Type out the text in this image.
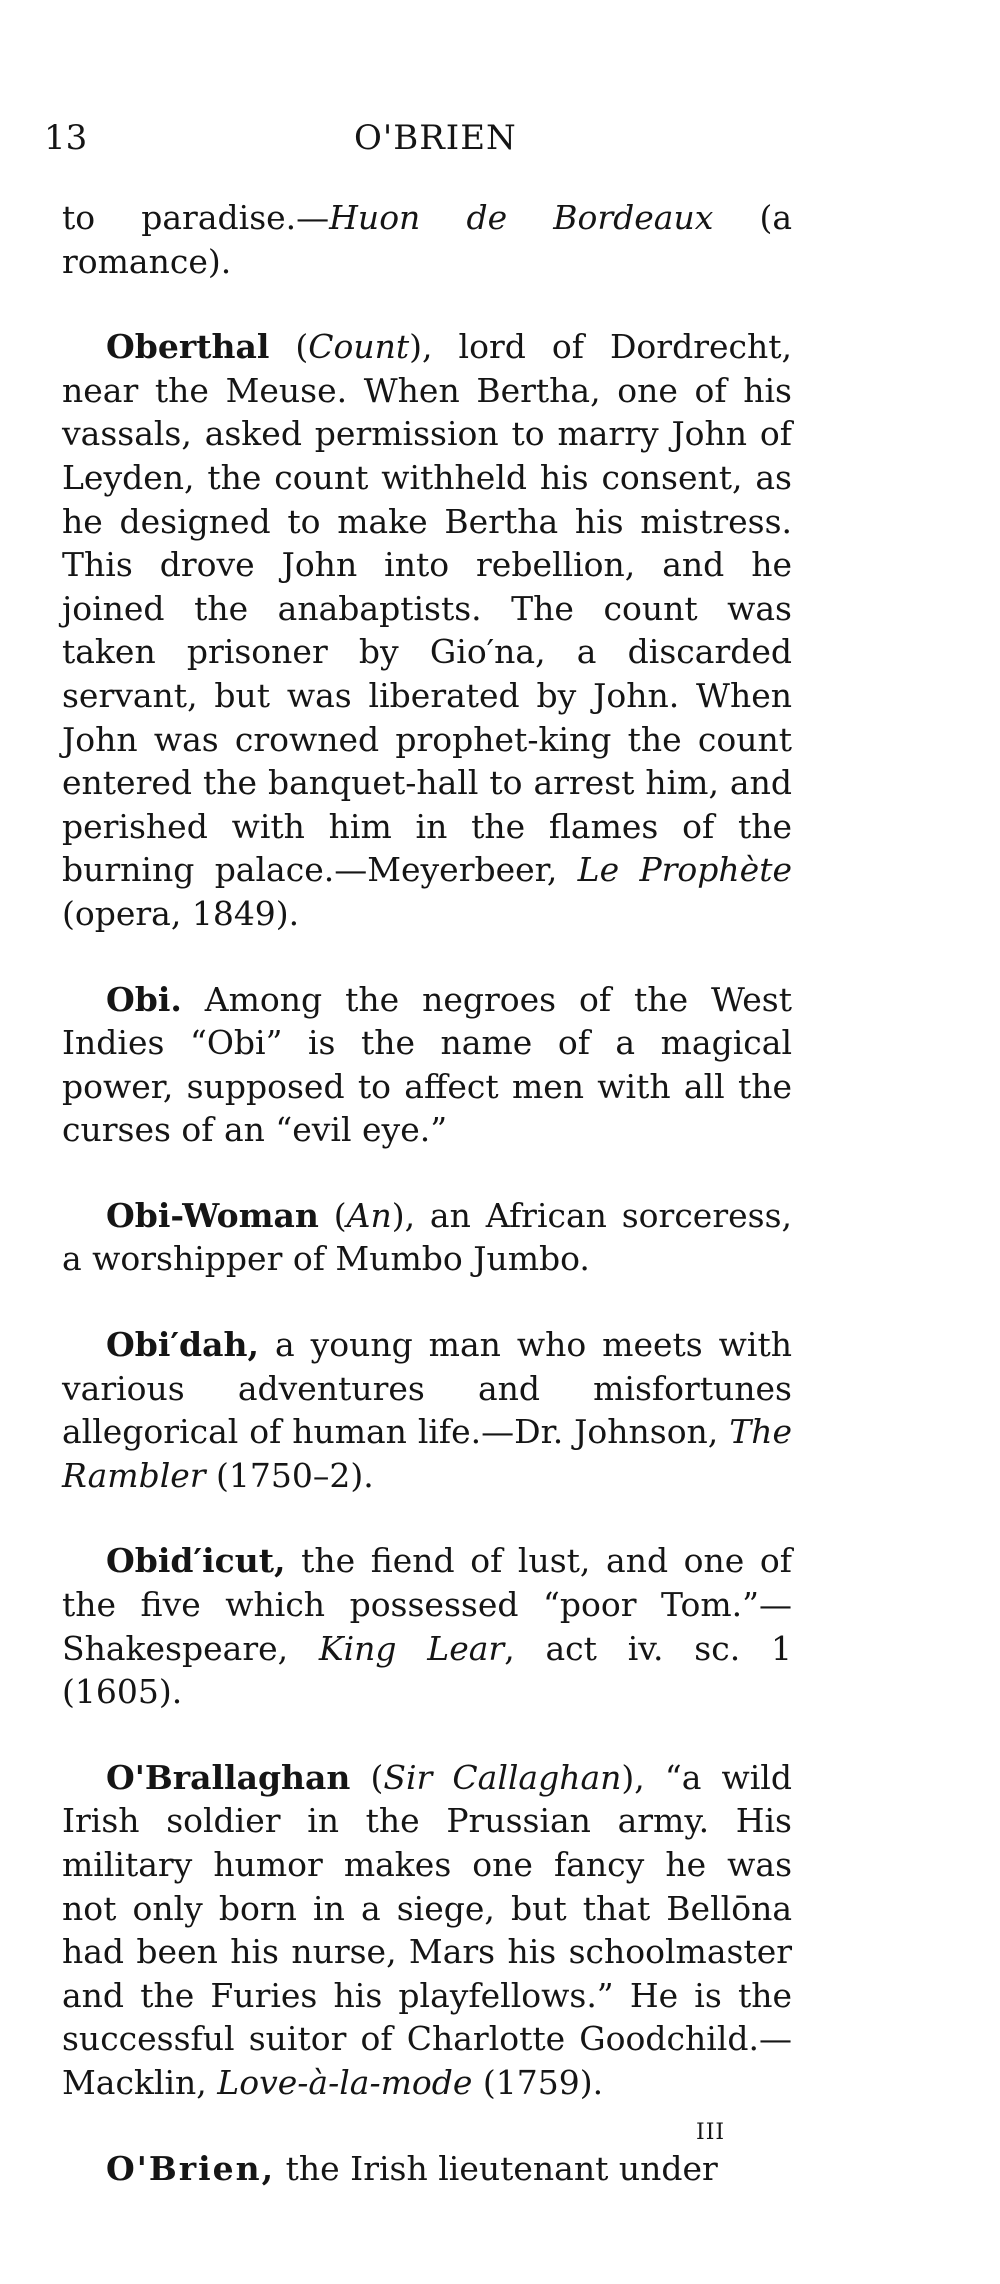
13	O'BRIEN

to paradise.—Huon de Bordeaux (a romance).

Oberthal (Count), lord of Dordrecht, near the Meuse. When Bertha, one of his vassals, asked permission to marry John of Leyden, the count withheld his consent, as he designed to make Bertha his mistress. This drove John into rebellion, and he joined the anabaptists. The count was taken prisoner by Gio′na, a discarded servant, but was liberated by John. When John was crowned prophet-king the count entered the banquet-hall to arrest him, and perished with him in the flames of the burning palace.—Meyerbeer, Le Prophète (opera, 1849).

Obi. Among the negroes of the West Indies “Obi” is the name of a magical power, supposed to affect men with all the curses of an “evil eye.”

Obi-Woman (An), an African sorceress, a worshipper of Mumbo Jumbo.

Obi′dah, a young man who meets with various adventures and misfortunes allegorical of human life.—Dr. Johnson, The Rambler (1750–2).

Obid′icut, the fiend of lust, and one of the five which possessed “poor Tom.”—Shakespeare, King Lear, act iv. sc. 1 (1605).

O'Brallaghan (Sir Callaghan), “a wild Irish soldier in the Prussian army. His military humor makes one fancy he was not only born in a siege, but that Bellōna had been his nurse, Mars his schoolmaster and the Furies his playfellows.” He is the successful suitor of Charlotte Goodchild.—Macklin, Love-à-la-mode (1759).

O'Brien, the Irish lieutenant under

III
